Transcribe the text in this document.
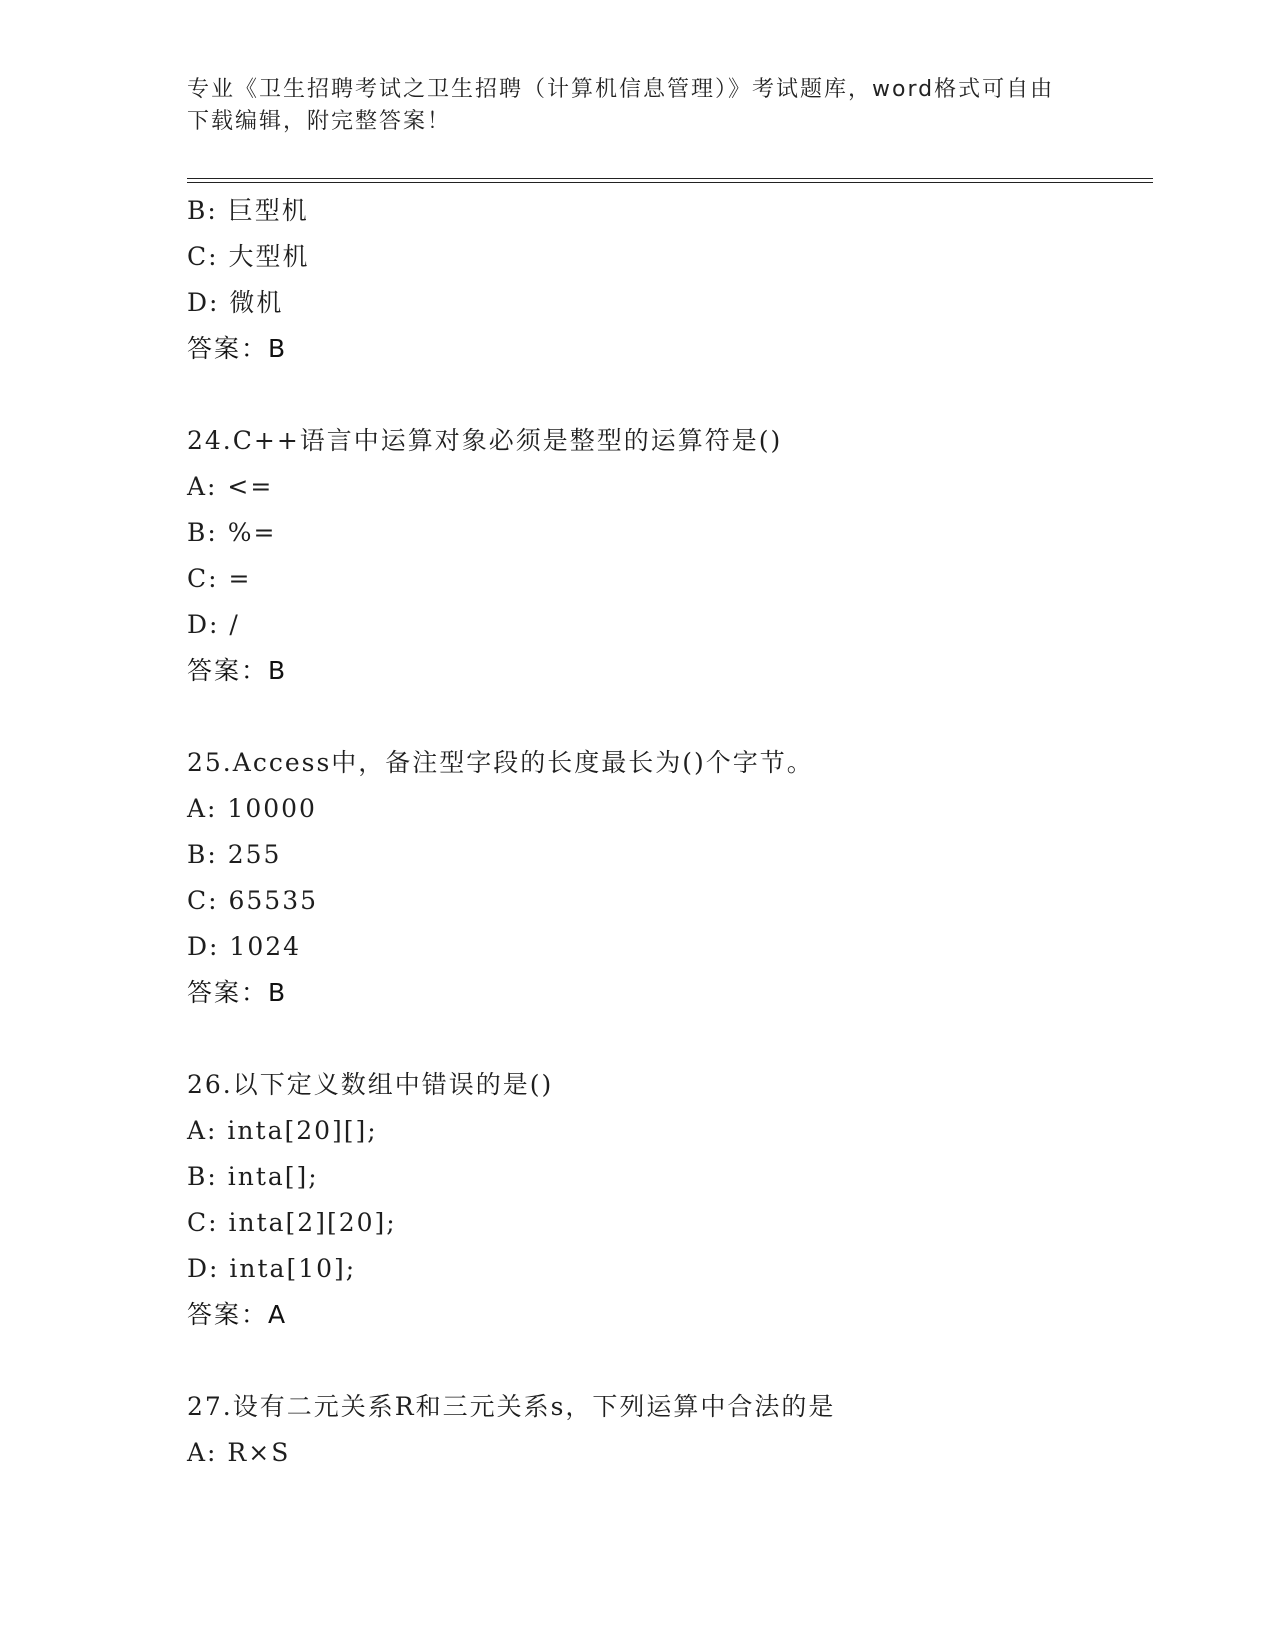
专业《卫生招聘考试之卫生招聘（计算机信息管理）》考试题库，word格式可自由下载编辑，附完整答案！
B: 巨型机
C: 大型机
D: 微机
答案：B
24.C++语言中运算对象必须是整型的运算符是()
A: <=
B: %=
C: =
D: /
答案：B
25.Access中，备注型字段的长度最长为()个字节。
A: 10000
B: 255
C: 65535
D: 1024
答案：B
26.以下定义数组中错误的是()
A: inta[20][];
B: inta[];
C: inta[2][20];
D: inta[10];
答案：A
27.设有二元关系R和三元关系s，下列运算中合法的是
A: R×S
